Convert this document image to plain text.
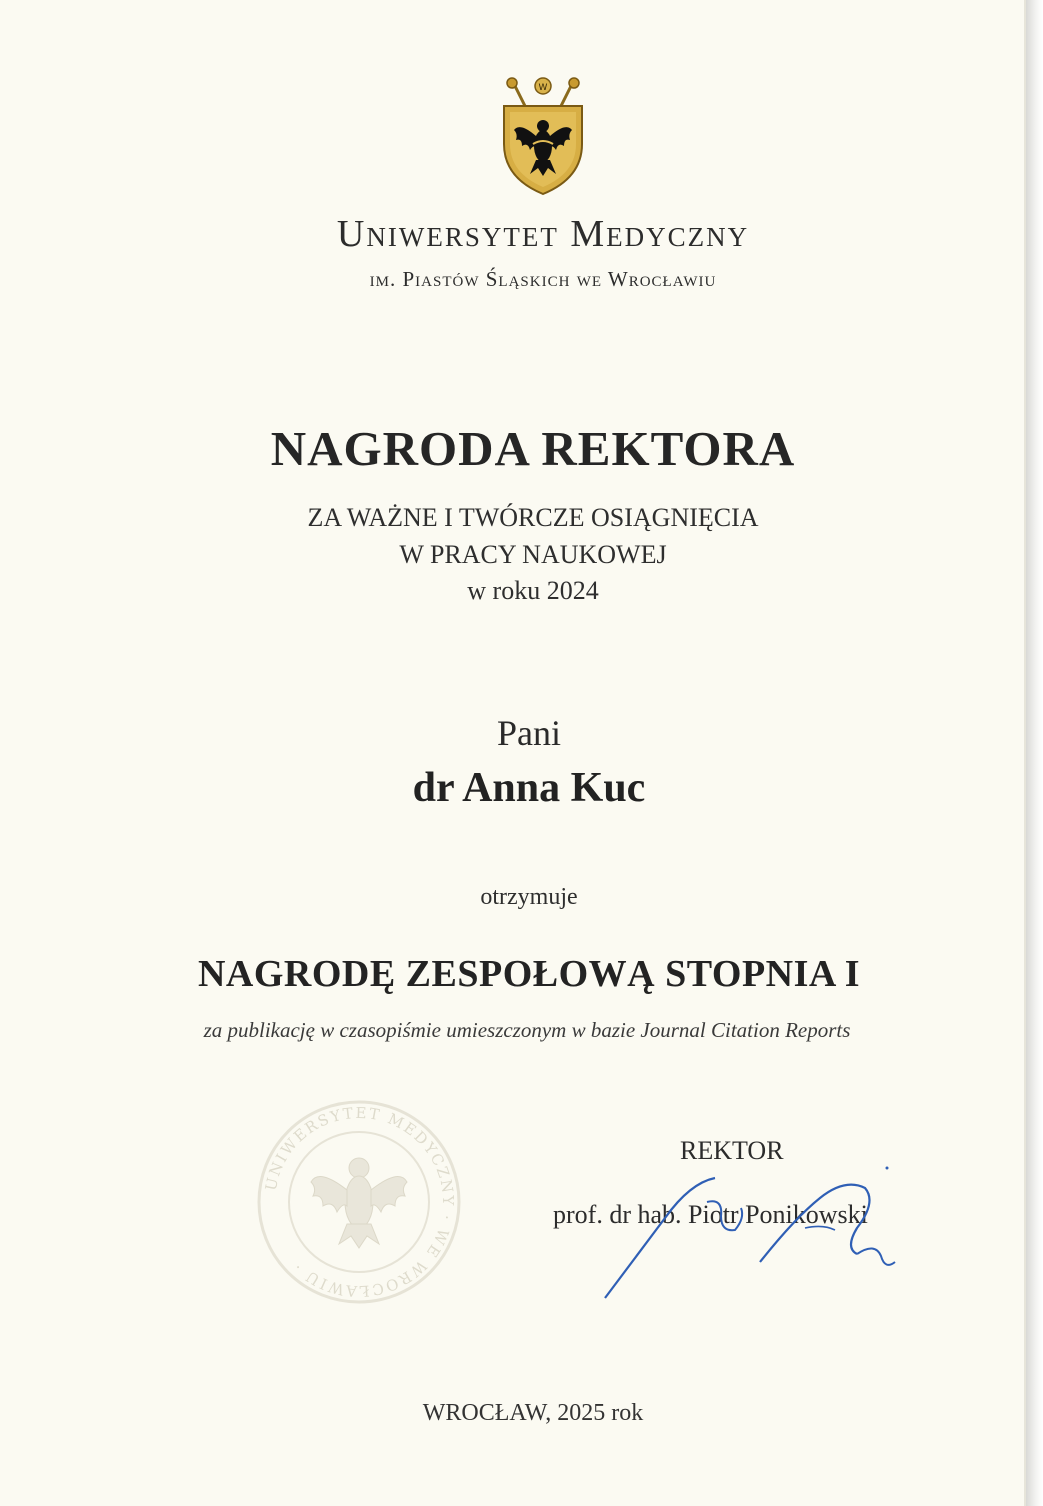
W
Uniwersytet Medyczny
im. Piastów Śląskich we Wrocławiu
NAGRODA REKTORA
ZA WAŻNE I TWÓRCZE OSIĄGNIĘCIA
W PRACY NAUKOWEJ
w roku 2024
Pani
dr Anna Kuc
otrzymuje
NAGRODĘ ZESPOŁOWĄ STOPNIA I
za publikację w czasopiśmie umieszczonym w bazie Journal Citation Reports
UNIWERSYTET MEDYCZNY · WE WROCŁAWIU ·
REKTOR
prof. dr hab. Piotr Ponikowski
WROCŁAW, 2025 rok
